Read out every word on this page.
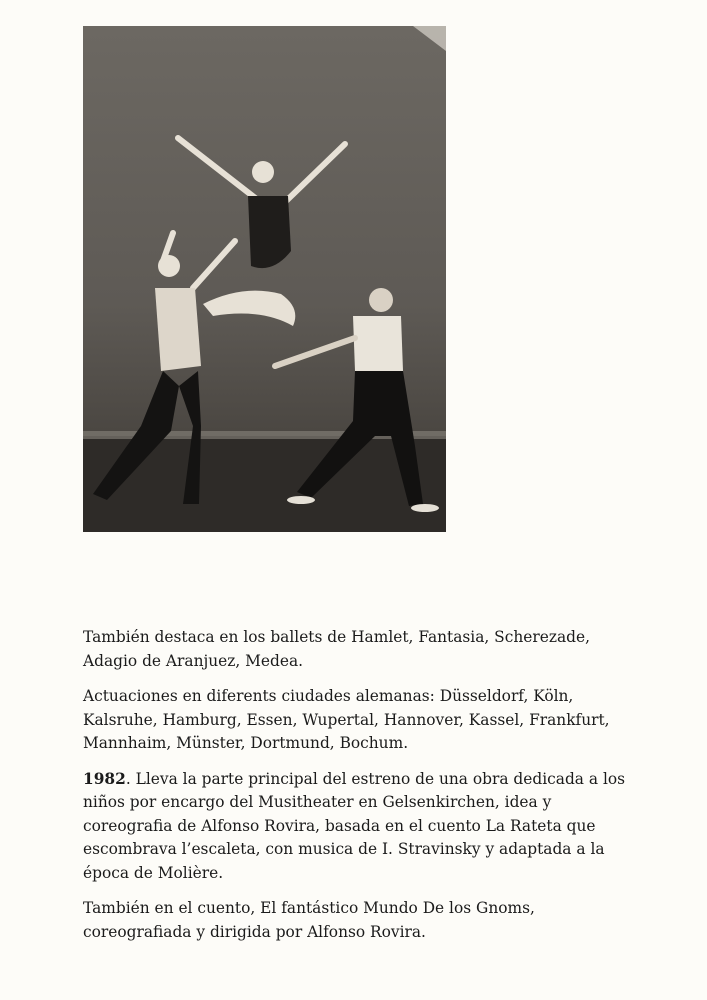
También destaca en los ballets de Hamlet, Fantasia, Scherezade,
Adagio de Aranjuez, Medea.

Actuaciones en diferents ciudades alemanas: Düsseldorf, Köln,
Kalsruhe, Hamburg, Essen, Wupertal, Hannover, Kassel, Frankfurt,
Mannhaim, Münster, Dortmund, Bochum.

1982. Lleva la parte principal del estreno de una obra dedicada a los
niños por encargo del Musitheater en Gelsenkirchen, idea y
coreografia de Alfonso Rovira, basada en el cuento La Rateta que
escombrava l’escaleta, con musica de I. Stravinsky y adaptada a la
época de Molière.

También en el cuento, El fantástico Mundo De los Gnoms,
coreografiada y dirigida por Alfonso Rovira.
